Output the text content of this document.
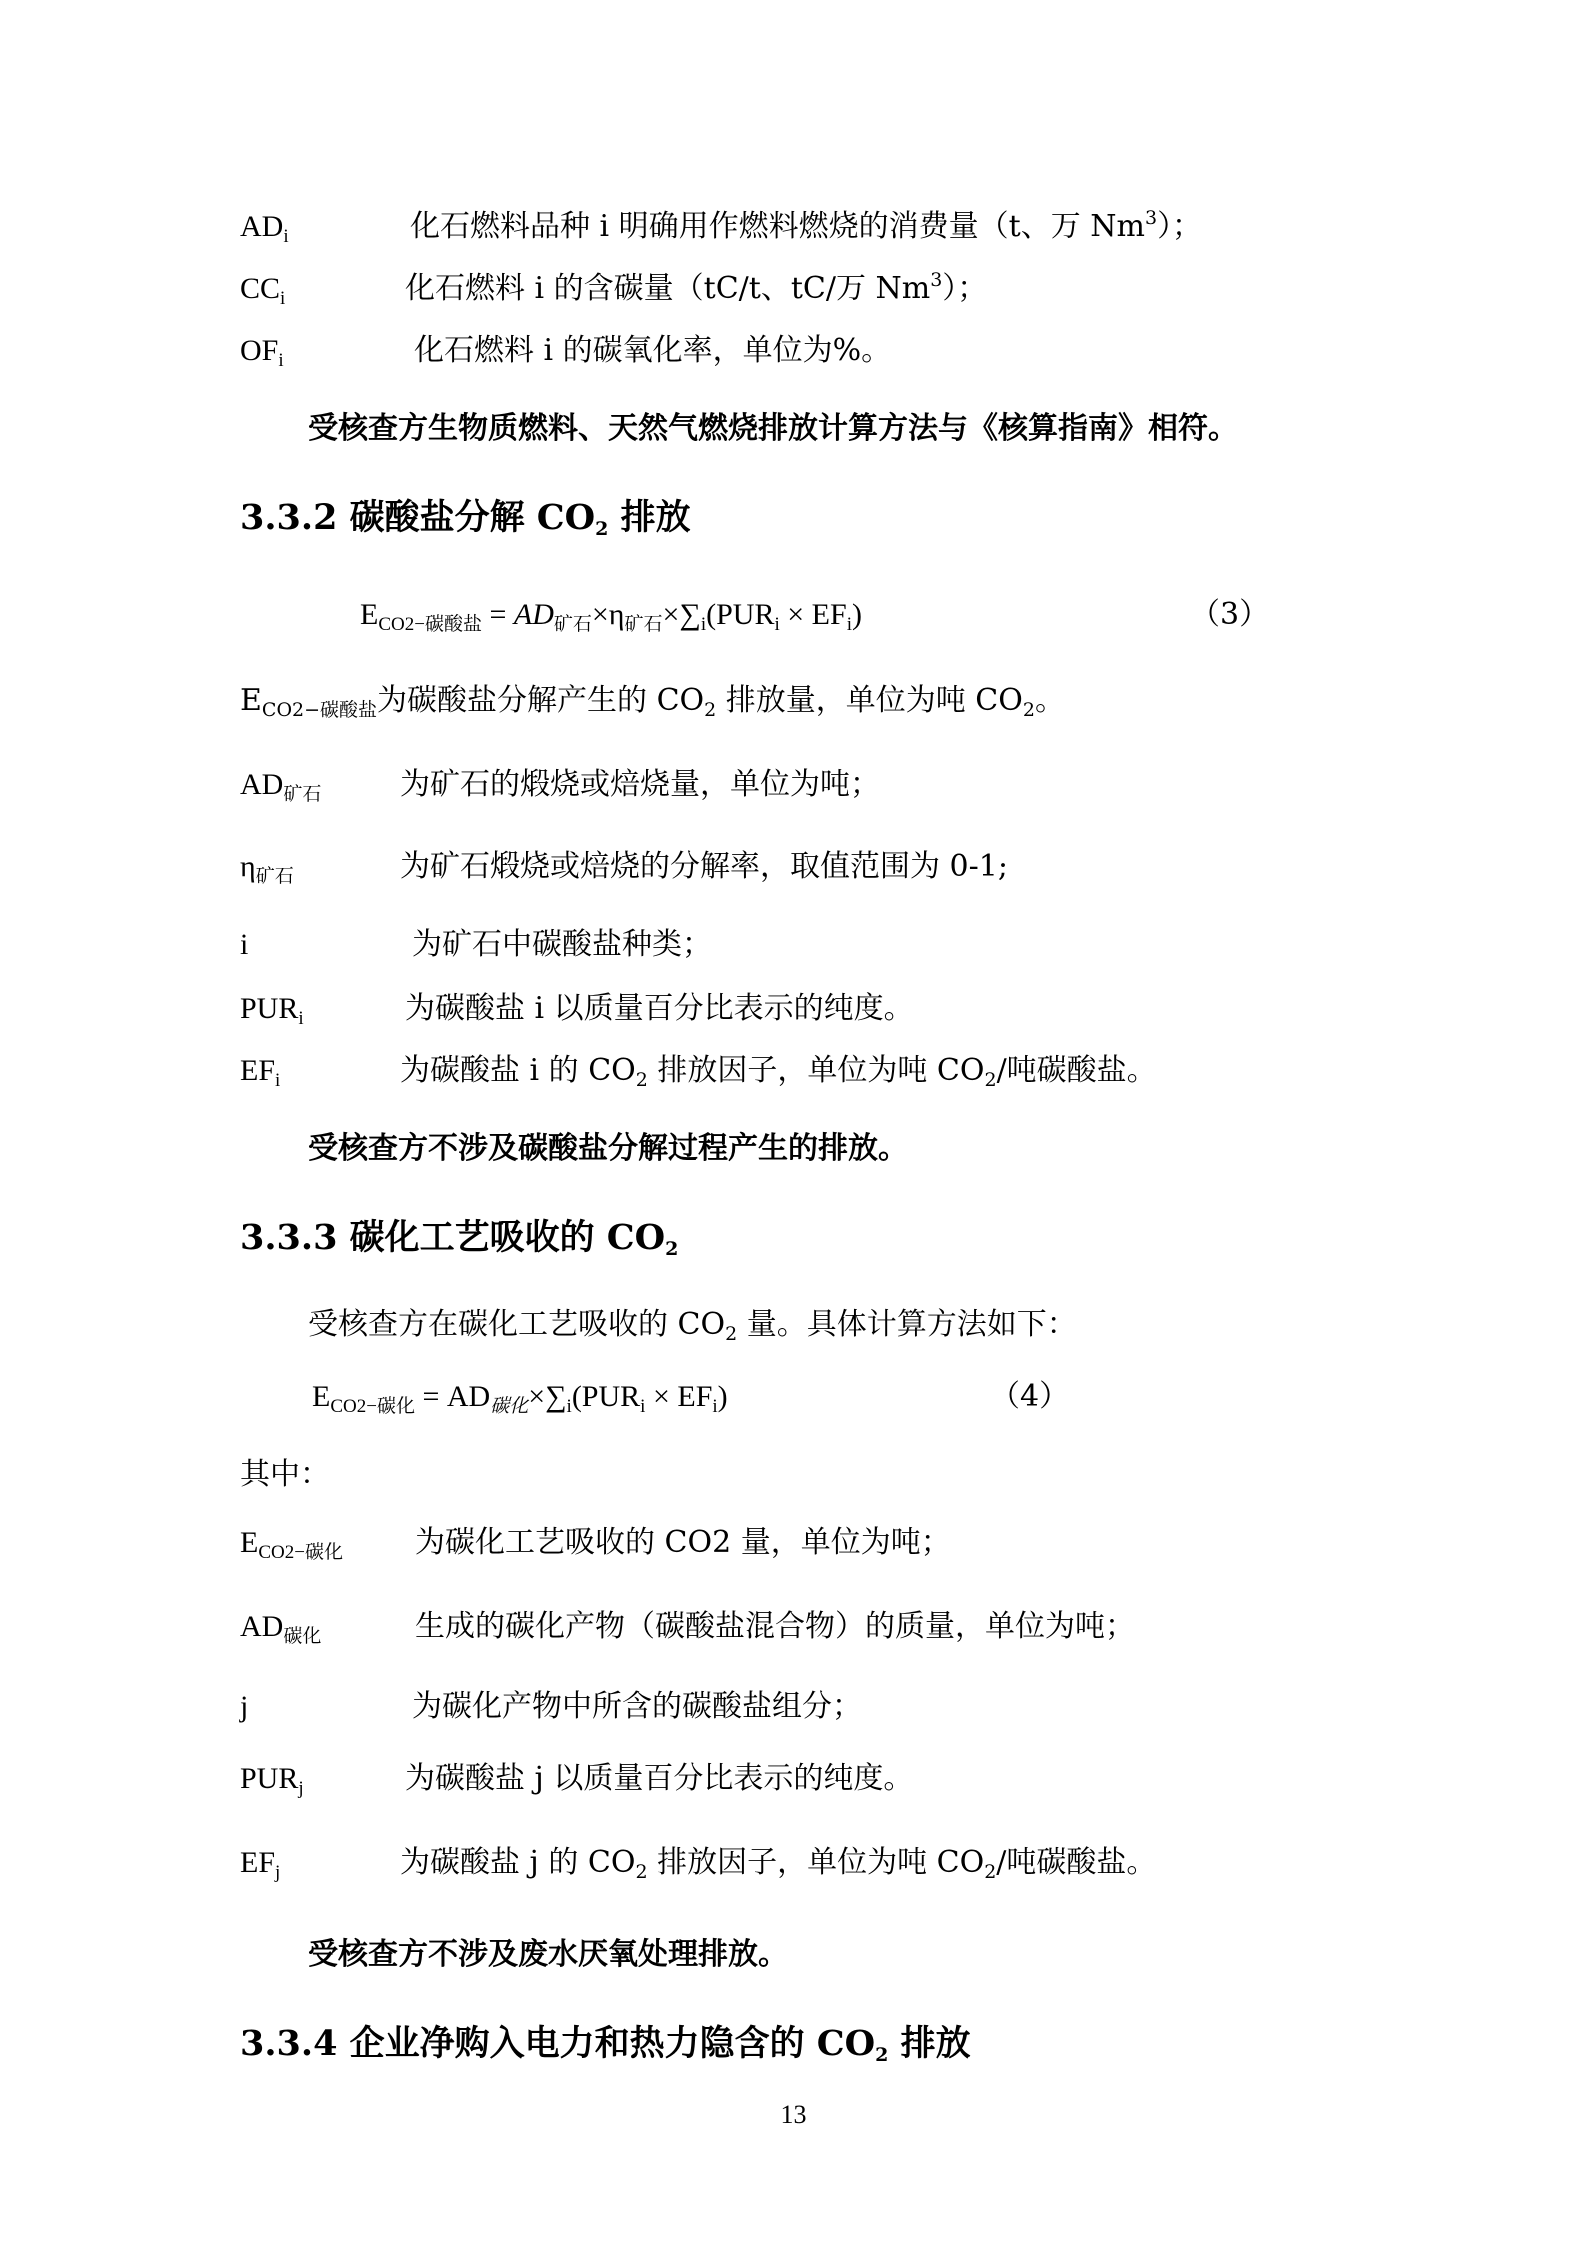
$AD_i$	化石燃料品种 i 明确用作燃料燃烧的消费量（t、万 Nm$^3$）；
$CC_i$	化石燃料 i 的含碳量（tC/t、tC/万 Nm$^3$）；
$OF_i$	化石燃料 i 的碳氧化率，单位为%。
受核查方生物质燃料、天然气燃烧排放计算方法与《核算指南》相符。
3.3.2 碳酸盐分解 $CO_2$ 排放
$E_{CO2-碳酸盐} = AD_{矿石}\times\eta_{矿石}\times\sum_i(PUR_i \times EF_i)$	（3）
$E_{CO2-碳酸盐}$为碳酸盐分解产生的 $CO_2$ 排放量，单位为吨 $CO_2$。
$AD_{矿石}$	为矿石的煅烧或焙烧量，单位为吨；
$\eta_{矿石}$	为矿石煅烧或焙烧的分解率，取值范围为 0-1;
i	为矿石中碳酸盐种类；
$PUR_i$	为碳酸盐 i 以质量百分比表示的纯度。
$EF_i$	为碳酸盐 i 的 $CO_2$ 排放因子，单位为吨 $CO_2/$吨碳酸盐。
受核查方不涉及碳酸盐分解过程产生的排放。
3.3.3 碳化工艺吸收的 $CO_2$
受核查方在碳化工艺吸收的 $CO_2$ 量。具体计算方法如下：
$E_{CO2-碳化} = AD_{碳化}\times\sum_i(PUR_i \times EF_i)$	（4）
其中：
$E_{CO2-碳化}$ 为碳化工艺吸收的 CO2 量，单位为吨；
$AD_{碳化}$	生成的碳化产物（碳酸盐混合物）的质量，单位为吨；
j	为碳化产物中所含的碳酸盐组分；
$PUR_j$	为碳酸盐 j 以质量百分比表示的纯度。
$EF_j$	为碳酸盐 j 的 $CO_2$ 排放因子，单位为吨 $CO_2/$吨碳酸盐。
受核查方不涉及废水厌氧处理排放。
3.3.4 企业净购入电力和热力隐含的 $CO_2$ 排放
13
